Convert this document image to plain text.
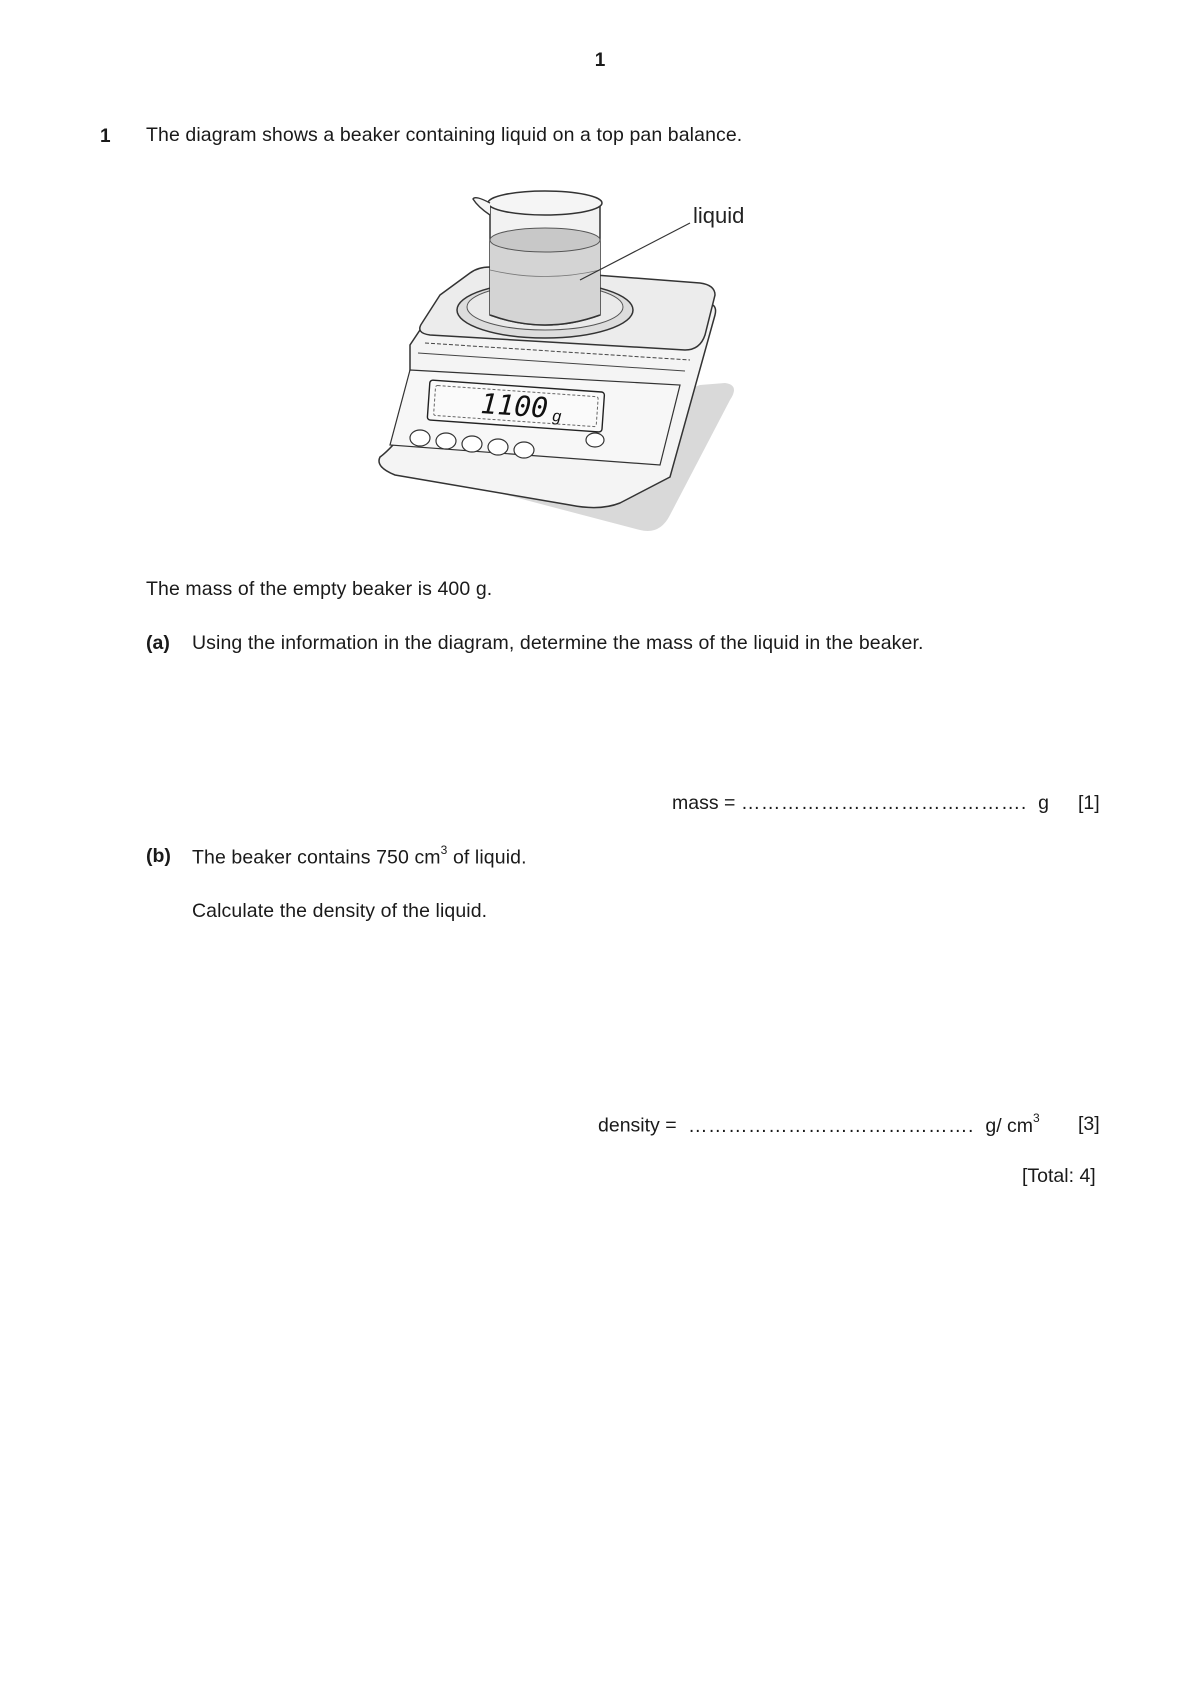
1
1 The diagram shows a beaker containing liquid on a top pan balance.
1100 g
liquid
The mass of the empty beaker is 400 g.
(a) Using the information in the diagram, determine the mass of the liquid in the beaker.
mass = ……………………………………. g [1]
(b) The beaker contains 750 $cm^3$ of liquid.
Calculate the density of the liquid.
density = ……………………………………. g/ $cm^3$ [3]
[Total: 4]
